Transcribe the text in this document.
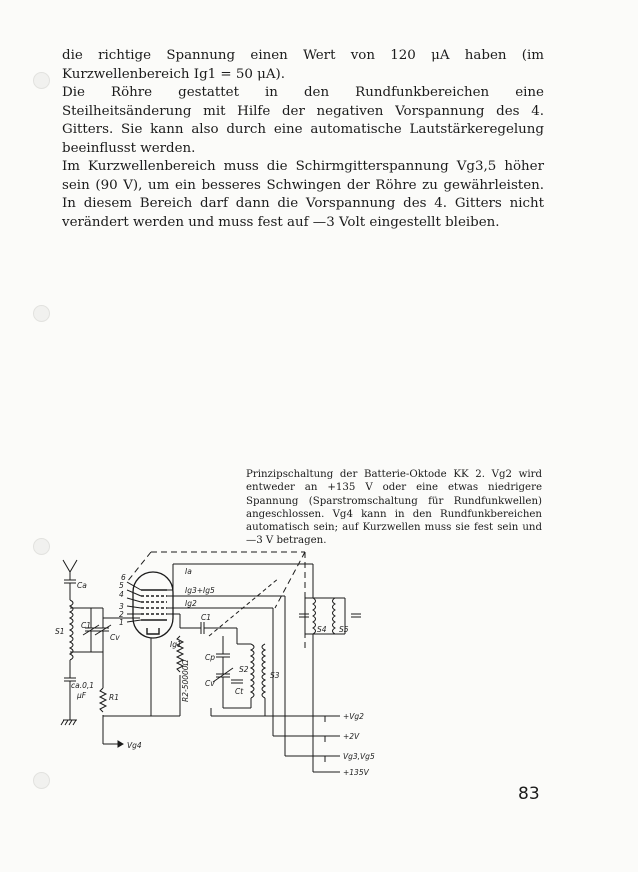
die richtige Spannung einen Wert von 120 μA haben (im Kurzwellenbereich Ig1 = 50 μA).

Die Röhre gestattet in den Rundfunkbereichen eine Steilheitsänderung mit Hilfe der negativen Vorspannung des 4. Gitters. Sie kann also durch eine automatische Lautstärkeregelung beeinflusst werden.

Im Kurzwellenbereich muss die Schirmgitterspannung Vg3,5 höher sein (90 V), um ein besseres Schwingen der Röhre zu gewährleisten. In diesem Bereich darf dann die Vorspannung des 4. Gitters nicht verändert werden und muss fest auf —3 Volt eingestellt bleiben.

Prinzipschaltung der Batterie-Oktode KK 2. Vg2 wird entweder an +135 V oder eine etwas niedrigere Spannung (Sparstromschaltung für Rundfunkwellen) angeschlossen. Vg4 kann in den Rundfunkbereichen automatisch sein; auf Kurzwellen muss sie fest sein und —3 V betragen.

Ca
S1
C1
Cv
ca.0,1
μF	R1
6
5
4
3
2
1
Ia
Ig3+Ig5
Ig2
Ig1
C1
Cp
Cv
S2
Ct
S3
R2-50000Ω
S4 S5
Vg4
+Vg2
+2V
Vg3,Vg5
+135V
83
